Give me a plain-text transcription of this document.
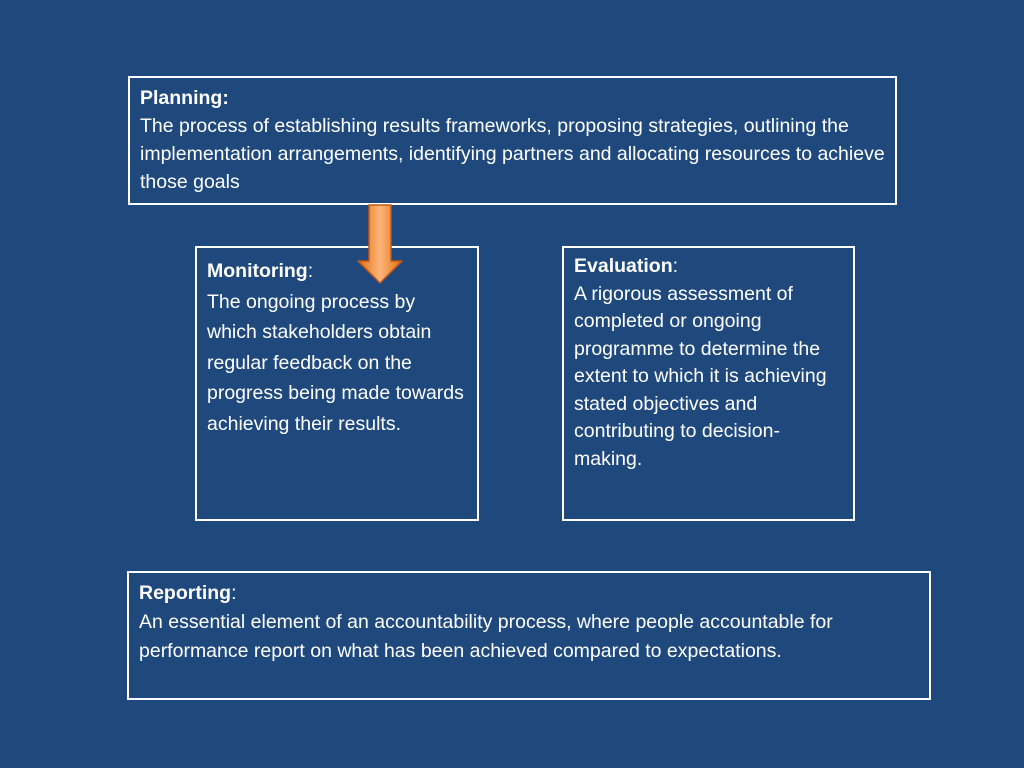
Planning:
The process of establishing results frameworks, proposing strategies, outlining the implementation arrangements, identifying partners and allocating resources to achieve those goals
Monitoring:
The ongoing process by which stakeholders obtain regular feedback on the progress being made towards achieving their results.
Evaluation:
A rigorous assessment of completed or ongoing programme to determine the extent to which it is achieving stated objectives and contributing to decision-making.
Reporting:
An essential element of an accountability process, where people accountable for performance report on what has been achieved compared to expectations.
